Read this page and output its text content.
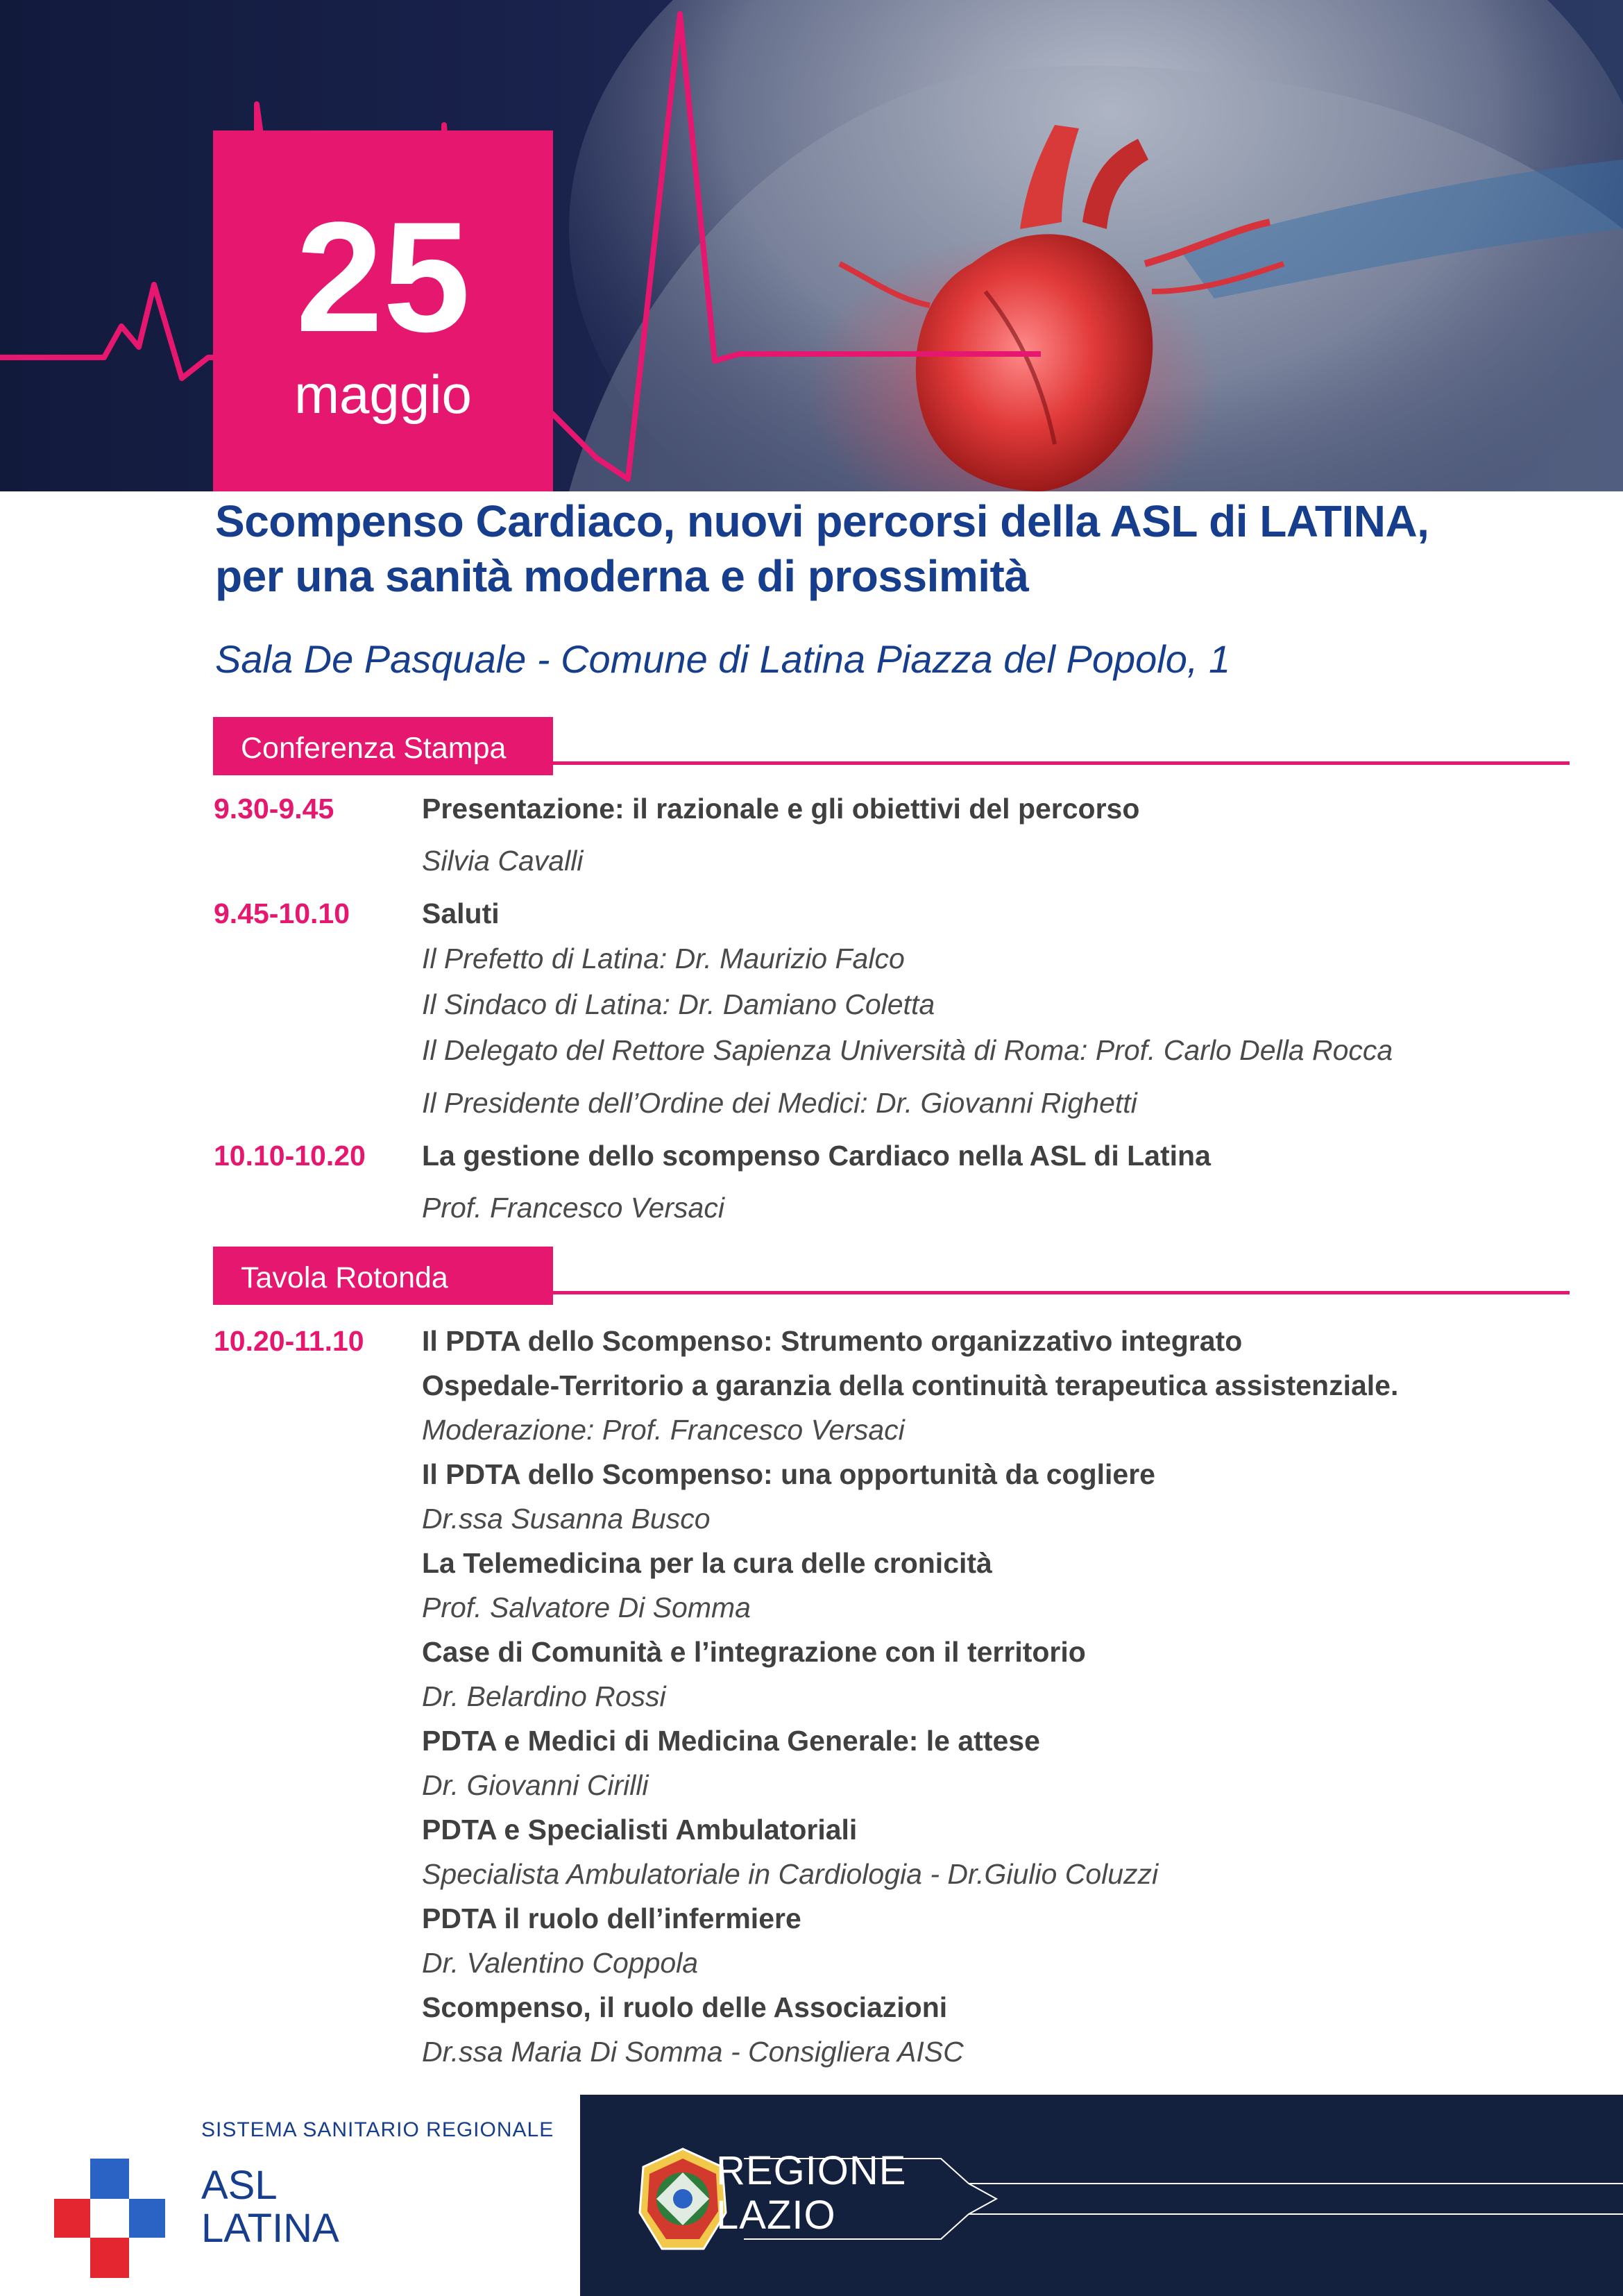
25
maggio
Scompenso Cardiaco, nuovi percorsi della ASL di LATINA,
per una sanità moderna e di prossimità
Sala De Pasquale - Comune di Latina Piazza del Popolo, 1
Conferenza Stampa
9.30-9.45	Presentazione: il razionale e gli obiettivi del percorso
Silvia Cavalli
9.45-10.10	Saluti
Il Prefetto di Latina: Dr. Maurizio Falco
Il Sindaco di Latina: Dr. Damiano Coletta
Il Delegato del Rettore Sapienza Università di Roma: Prof. Carlo Della Rocca
Il Presidente dell’Ordine dei Medici: Dr. Giovanni Righetti
10.10-10.20 La gestione dello scompenso Cardiaco nella ASL di Latina
Prof. Francesco Versaci
Tavola Rotonda
10.20-11.10 Il PDTA dello Scompenso: Strumento organizzativo integrato
Ospedale-Territorio a garanzia della continuità terapeutica assistenziale.
Moderazione: Prof. Francesco Versaci
Il PDTA dello Scompenso: una opportunità da cogliere
Dr.ssa Susanna Busco
La Telemedicina per la cura delle cronicità
Prof. Salvatore Di Somma
Case di Comunità e l’integrazione con il territorio
Dr. Belardino Rossi
PDTA e Medici di Medicina Generale: le attese
Dr. Giovanni Cirilli
PDTA e Specialisti Ambulatoriali
Specialista Ambulatoriale in Cardiologia - Dr.Giulio Coluzzi
PDTA il ruolo dell’infermiere
Dr. Valentino Coppola
Scompenso, il ruolo delle Associazioni
Dr.ssa Maria Di Somma - Consigliera AISC
SISTEMA SANITARIO REGIONALE
ASL
LATINA
REGIONE
LAZIO
